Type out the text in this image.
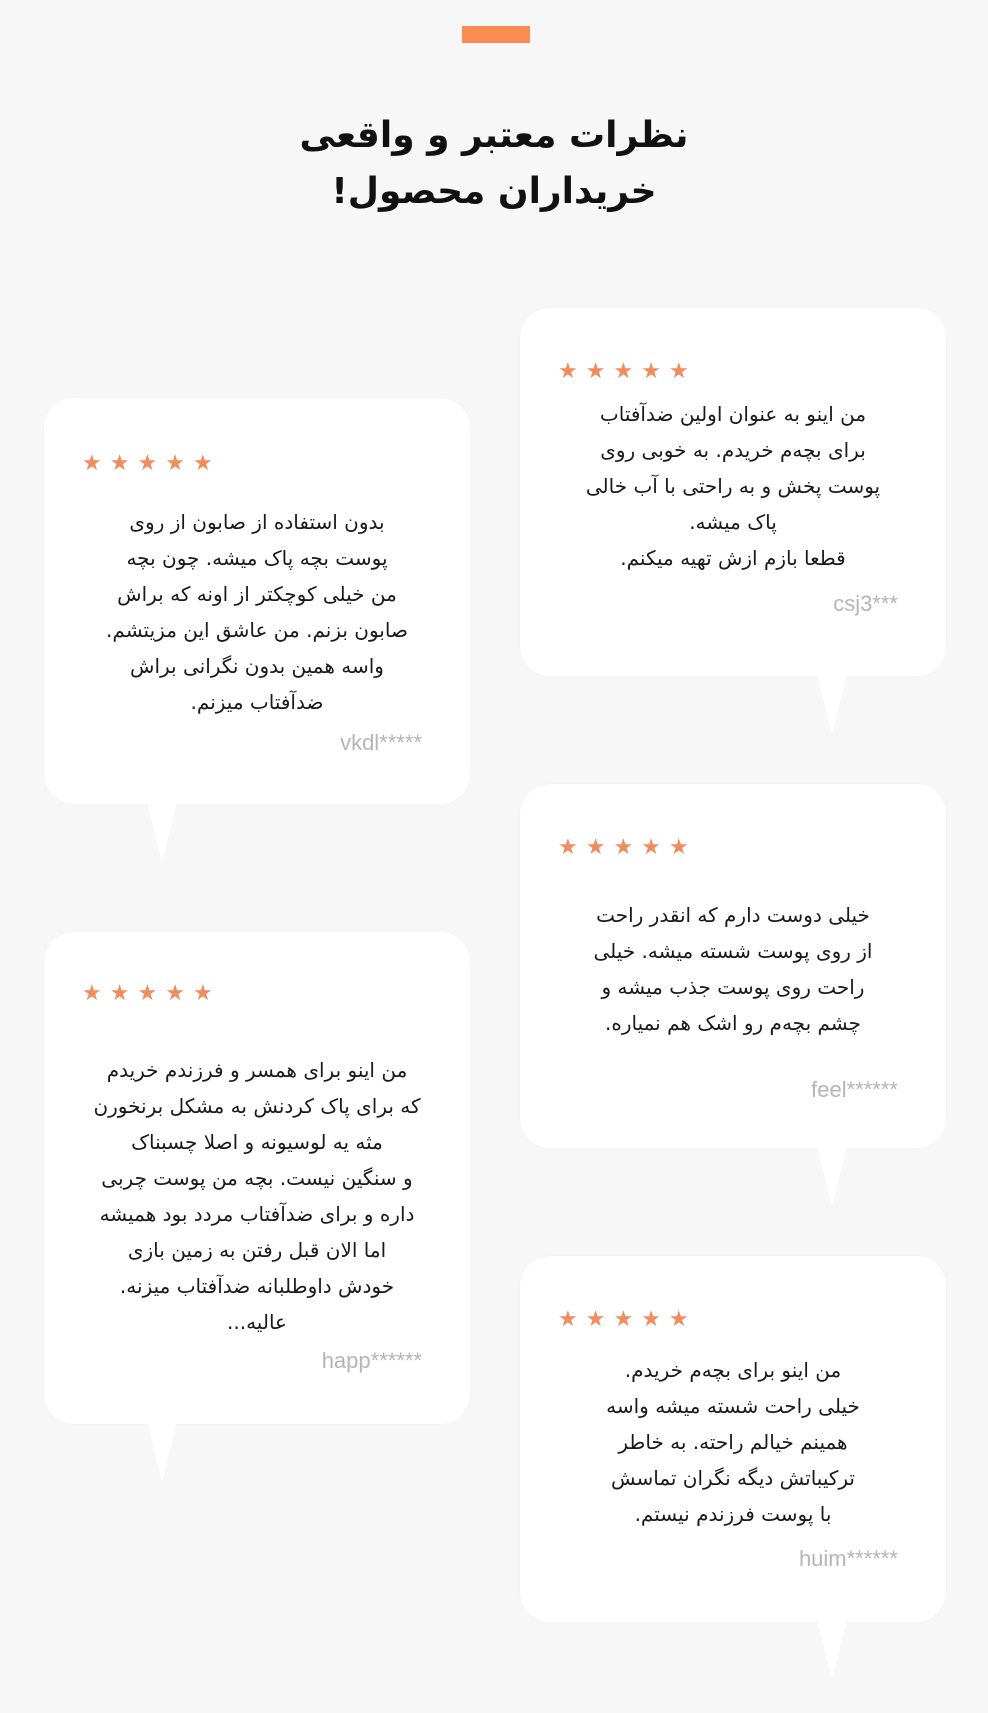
نظرات معتبر و واقعی
خریداران محصول!
★ ★ ★ ★ ★
من اینو به عنوان اولین ضدآفتاب
برای بچه‌م خریدم. به خوبی روی
پوست پخش و به راحتی با آب خالی
پاک میشه.
قطعا بازم ازش تهیه میکنم.
csj3***
★ ★ ★ ★ ★
بدون استفاده از صابون از روی
پوست بچه پاک میشه. چون بچه
من خیلی کوچکتر از اونه که براش
صابون بزنم. من عاشق این مزیتشم.
واسه همین بدون نگرانی براش
ضدآفتاب میزنم.
vkdl*****
★ ★ ★ ★ ★
خیلی دوست دارم که انقدر راحت
از روی پوست شسته میشه. خیلی
راحت روی پوست جذب میشه و
چشم بچه‌م رو اشک هم نمیاره.
feel******
★ ★ ★ ★ ★
من اینو برای همسر و فرزندم خریدم
که برای پاک کردنش به مشکل برنخورن
مثه یه لوسیونه و اصلا چسبناک
و سنگین نیست. بچه من پوست چربی
داره و برای ضدآفتاب مردد بود همیشه
اما الان قبل رفتن به زمین بازی
خودش داوطلبانه ضدآفتاب میزنه.
عالیه...
happ******
★ ★ ★ ★ ★
من اینو برای بچه‌م خریدم.
خیلی راحت شسته میشه واسه
همینم خیالم راحته. به خاطر
ترکیباتش دیگه نگران تماسش
با پوست فرزندم نیستم.
huim******
